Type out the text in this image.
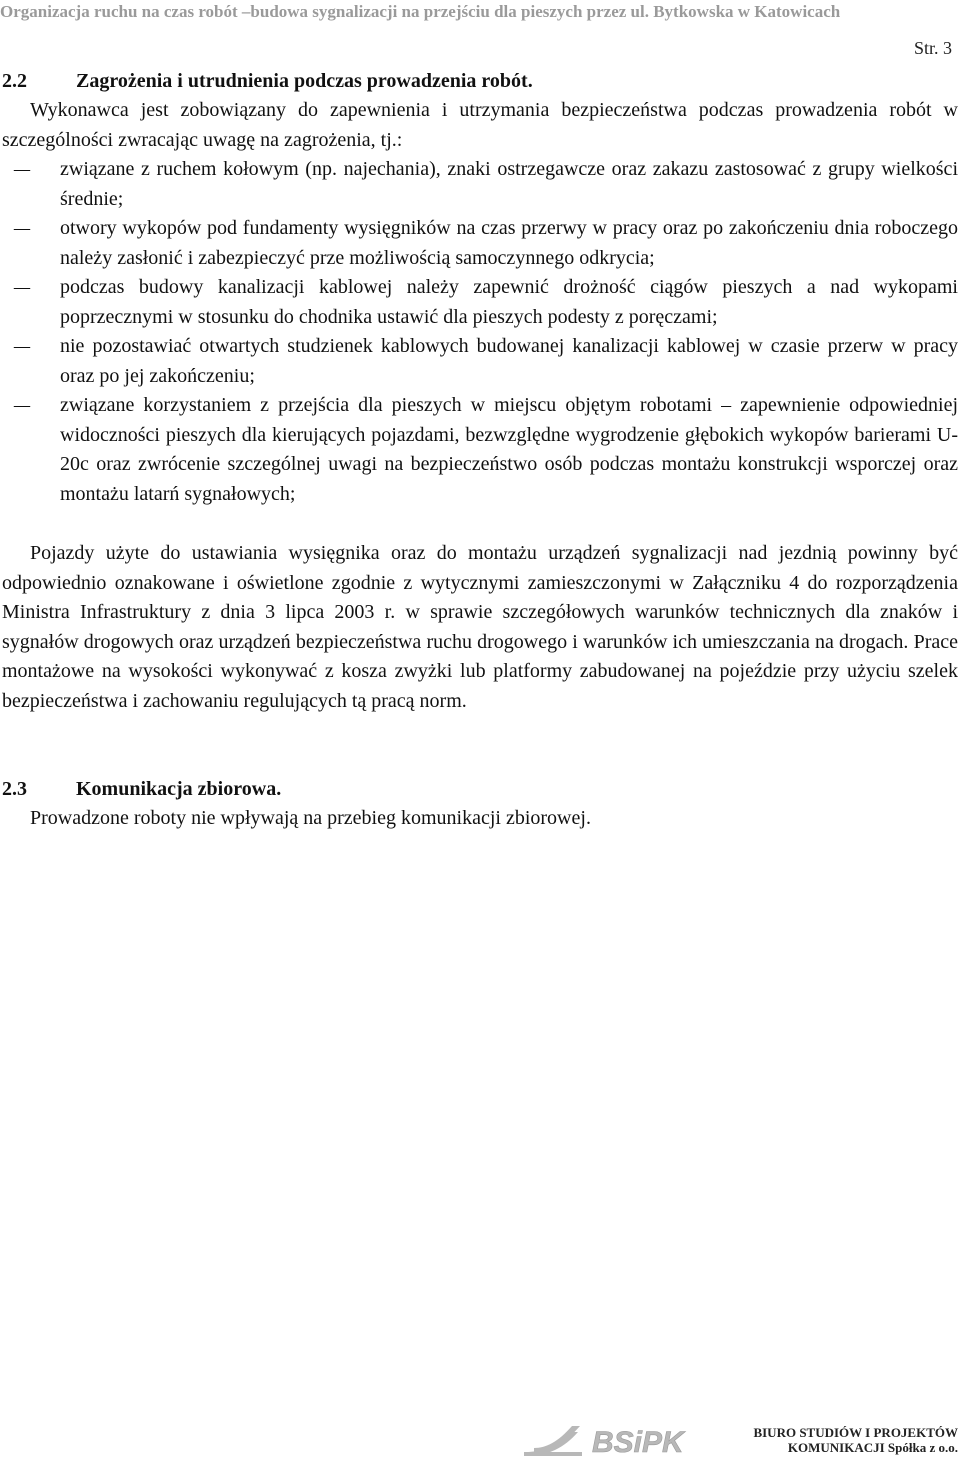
Organizacja ruchu na czas robót –budowa sygnalizacji na przejściu dla pieszych przez ul. Bytkowska w Katowicach
Str. 3
2.2	Zagrożenia i utrudnienia podczas prowadzenia robót.

Wykonawca jest zobowiązany do zapewnienia i utrzymania bezpieczeństwa podczas prowadzenia robót w szczególności zwracając uwagę na zagrożenia, tj.:

–
związane z ruchem kołowym (np. najechania), znaki ostrzegawcze oraz zakazu zastosować z grupy wielkości średnie;
–
otwory wykopów pod fundamenty wysięgników na czas przerwy w pracy oraz po zakończeniu dnia roboczego należy zasłonić i zabezpieczyć prze możliwością samoczynnego odkrycia;
–
podczas budowy kanalizacji kablowej należy zapewnić drożność ciągów pieszych a nad wykopami poprzecznymi w stosunku do chodnika ustawić dla pieszych podesty z poręczami;
–
nie pozostawiać otwartych studzienek kablowych budowanej kanalizacji kablowej w czasie przerw w pracy oraz po jej zakończeniu;
–
związane korzystaniem z przejścia dla pieszych w miejscu objętym robotami – zapewnienie odpowiedniej widoczności pieszych dla kierujących pojazdami, bezwzględne wygrodzenie głębokich wykopów barierami U-20c oraz zwrócenie szczególnej uwagi na bezpieczeństwo osób podczas montażu konstrukcji wsporczej oraz montażu latarń sygnałowych;

Pojazdy użyte do ustawiania wysięgnika oraz do montażu urządzeń sygnalizacji nad jezdnią powinny być odpowiednio oznakowane i oświetlone zgodnie z wytycznymi zamieszczonymi w Załączniku 4 do rozporządzenia Ministra Infrastruktury z dnia 3 lipca 2003 r. w sprawie szczegółowych warunków technicznych dla znaków i sygnałów drogowych oraz urządzeń bezpieczeństwa ruchu drogowego i warunków ich umieszczania na drogach. Prace montażowe na wysokości wykonywać z kosza zwyżki lub platformy zabudowanej na pojeździe przy użyciu szelek bezpieczeństwa i zachowaniu regulujących tą pracą norm.

2.3	Komunikacja zbiorowa.

Prowadzone roboty nie wpływają na przebieg komunikacji zbiorowej.

BSiPK	BIURO STUDIÓW I PROJEKTÓW
KOMUNIKACJI Spółka z o.o.
